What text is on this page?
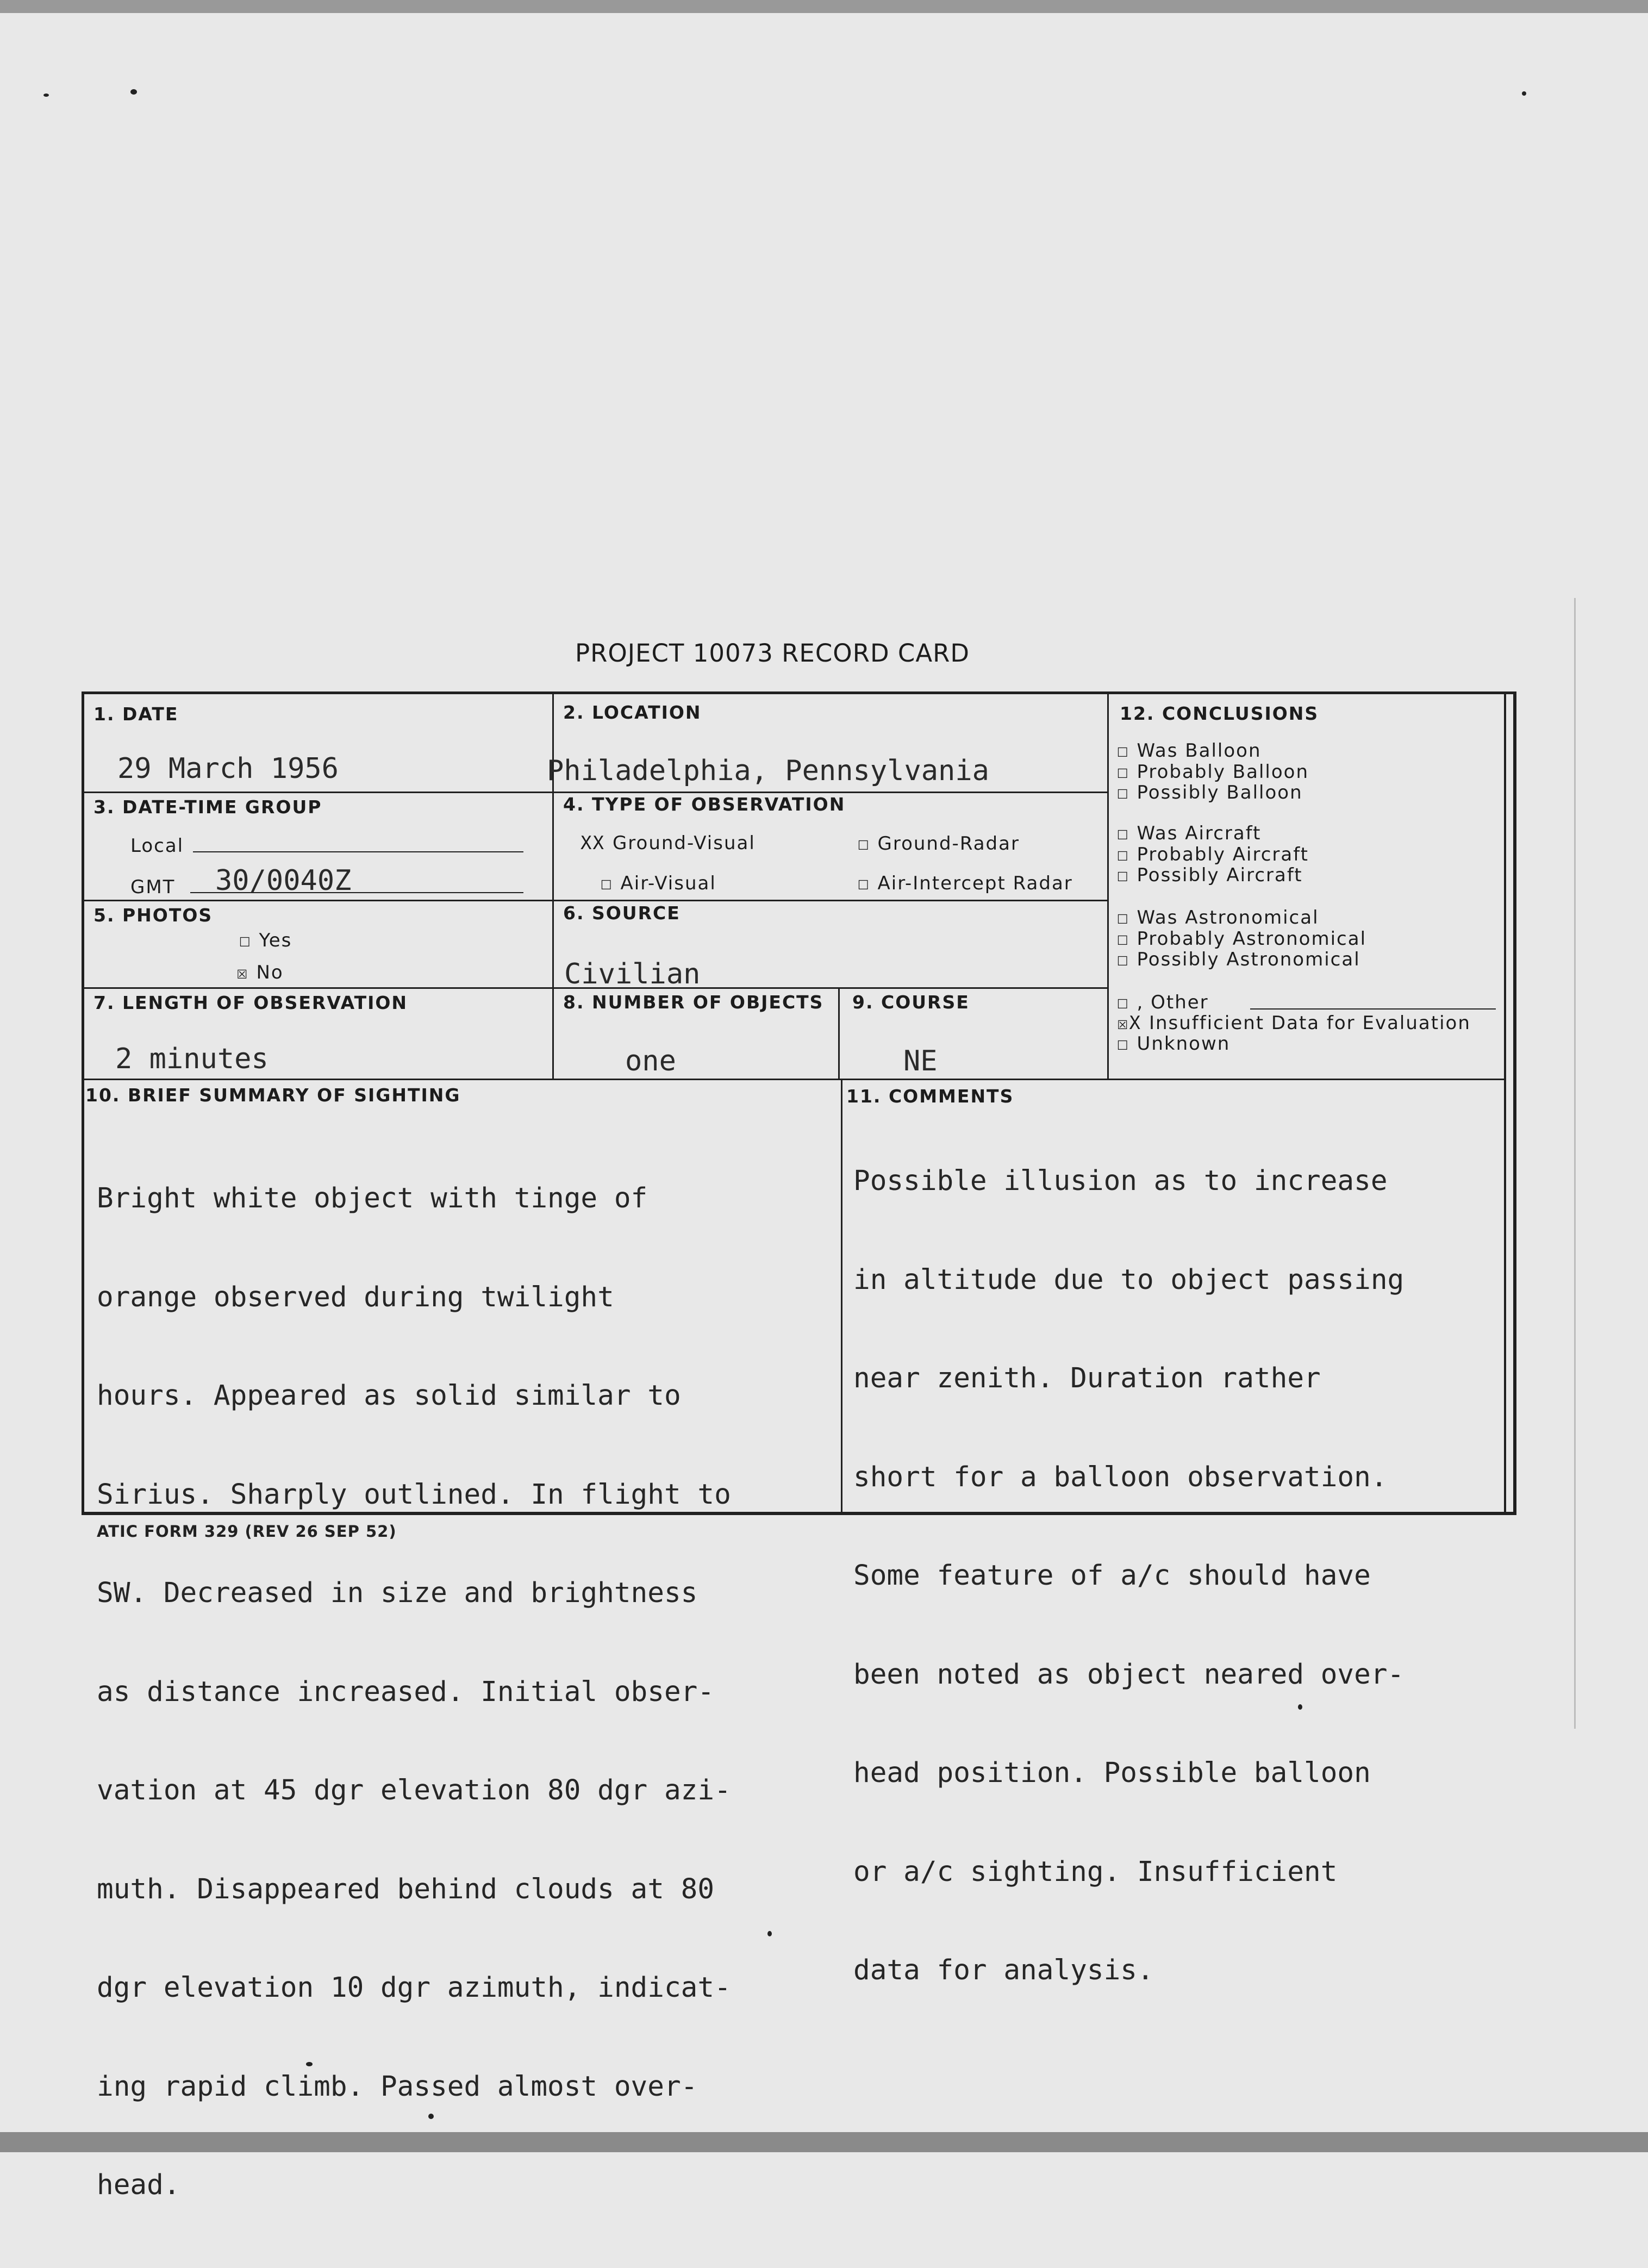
PROJECT 10073 RECORD CARD
1. DATE
29 March 1956
2. LOCATION
Philadelphia, Pennsylvania
3. DATE-TIME GROUP
Local
GMT 30/0040Z
4. TYPE OF OBSERVATION
XX Ground-Visual	☐ Ground-Radar
☐ Air-Visual	☐ Air-Intercept Radar
5. PHOTOS
☐ Yes
☒ No
6. SOURCE
Civilian
7. LENGTH OF OBSERVATION
2 minutes
8. NUMBER OF OBJECTS
one
9. COURSE
NE
12. CONCLUSIONS
☐ Was Balloon
☐ Probably Balloon
☐ Possibly Balloon
☐ Was Aircraft
☐ Probably Aircraft
☐ Possibly Aircraft
☐ Was Astronomical
☐ Probably Astronomical
☐ Possibly Astronomical
☐ , Other
☒X Insufficient Data for Evaluation
☐ Unknown
10. BRIEF SUMMARY OF SIGHTING

Bright white object with tinge of

orange observed during twilight

hours. Appeared as solid similar to

Sirius. Sharply outlined. In flight to

SW. Decreased in size and brightness

as distance increased. Initial obser-

vation at 45 dgr elevation 80 dgr azi-

muth. Disappeared behind clouds at 80

dgr elevation 10 dgr azimuth, indicat-

ing rapid climb. Passed almost over-

head.

11. COMMENTS

Possible illusion as to increase

in altitude due to object passing

near zenith. Duration rather

short for a balloon observation.

Some feature of a/c should have

been noted as object neared over-

head position. Possible balloon

or a/c sighting. Insufficient

data for analysis.

ATIC FORM 329 (REV 26 SEP 52)
